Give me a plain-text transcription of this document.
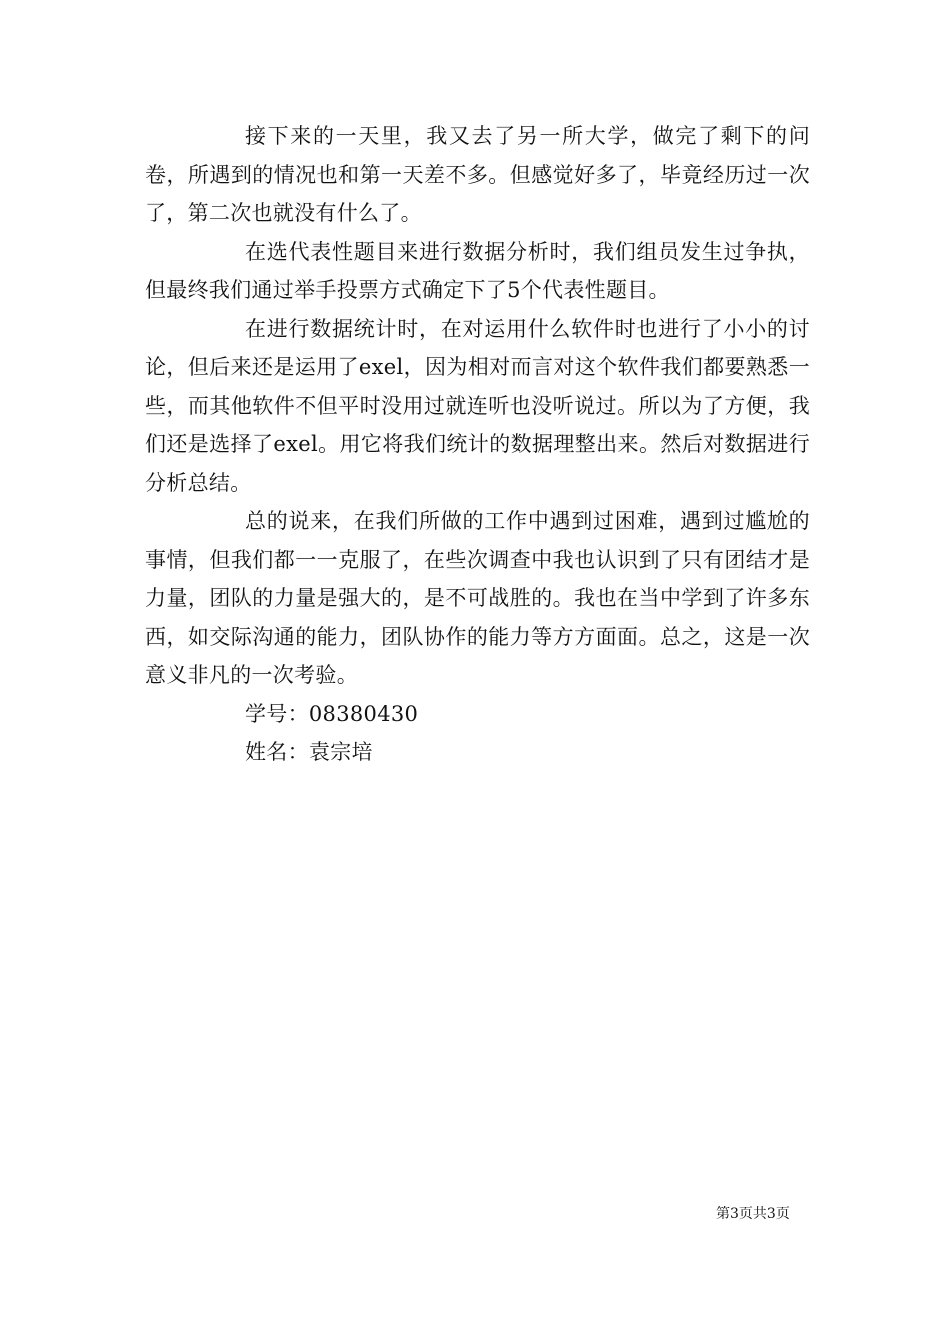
接下来的一天里，我又去了另一所大学，做完了剩下的问卷，所遇到的情况也和第一天差不多。但感觉好多了，毕竟经历过一次了，第二次也就没有什么了。

在选代表性题目来进行数据分析时，我们组员发生过争执，但最终我们通过举手投票方式确定下了5个代表性题目。

在进行数据统计时，在对运用什么软件时也进行了小小的讨论，但后来还是运用了exel，因为相对而言对这个软件我们都要熟悉一些，而其他软件不但平时没用过就连听也没听说过。所以为了方便，我们还是选择了exel。用它将我们统计的数据理整出来。然后对数据进行分析总结。

总的说来，在我们所做的工作中遇到过困难，遇到过尴尬的事情，但我们都一一克服了，在些次调查中我也认识到了只有团结才是力量，团队的力量是强大的，是不可战胜的。我也在当中学到了许多东西，如交际沟通的能力，团队协作的能力等方方面面。总之，这是一次意义非凡的一次考验。

学号：08380430

姓名：袁宗培

第3页共3页
